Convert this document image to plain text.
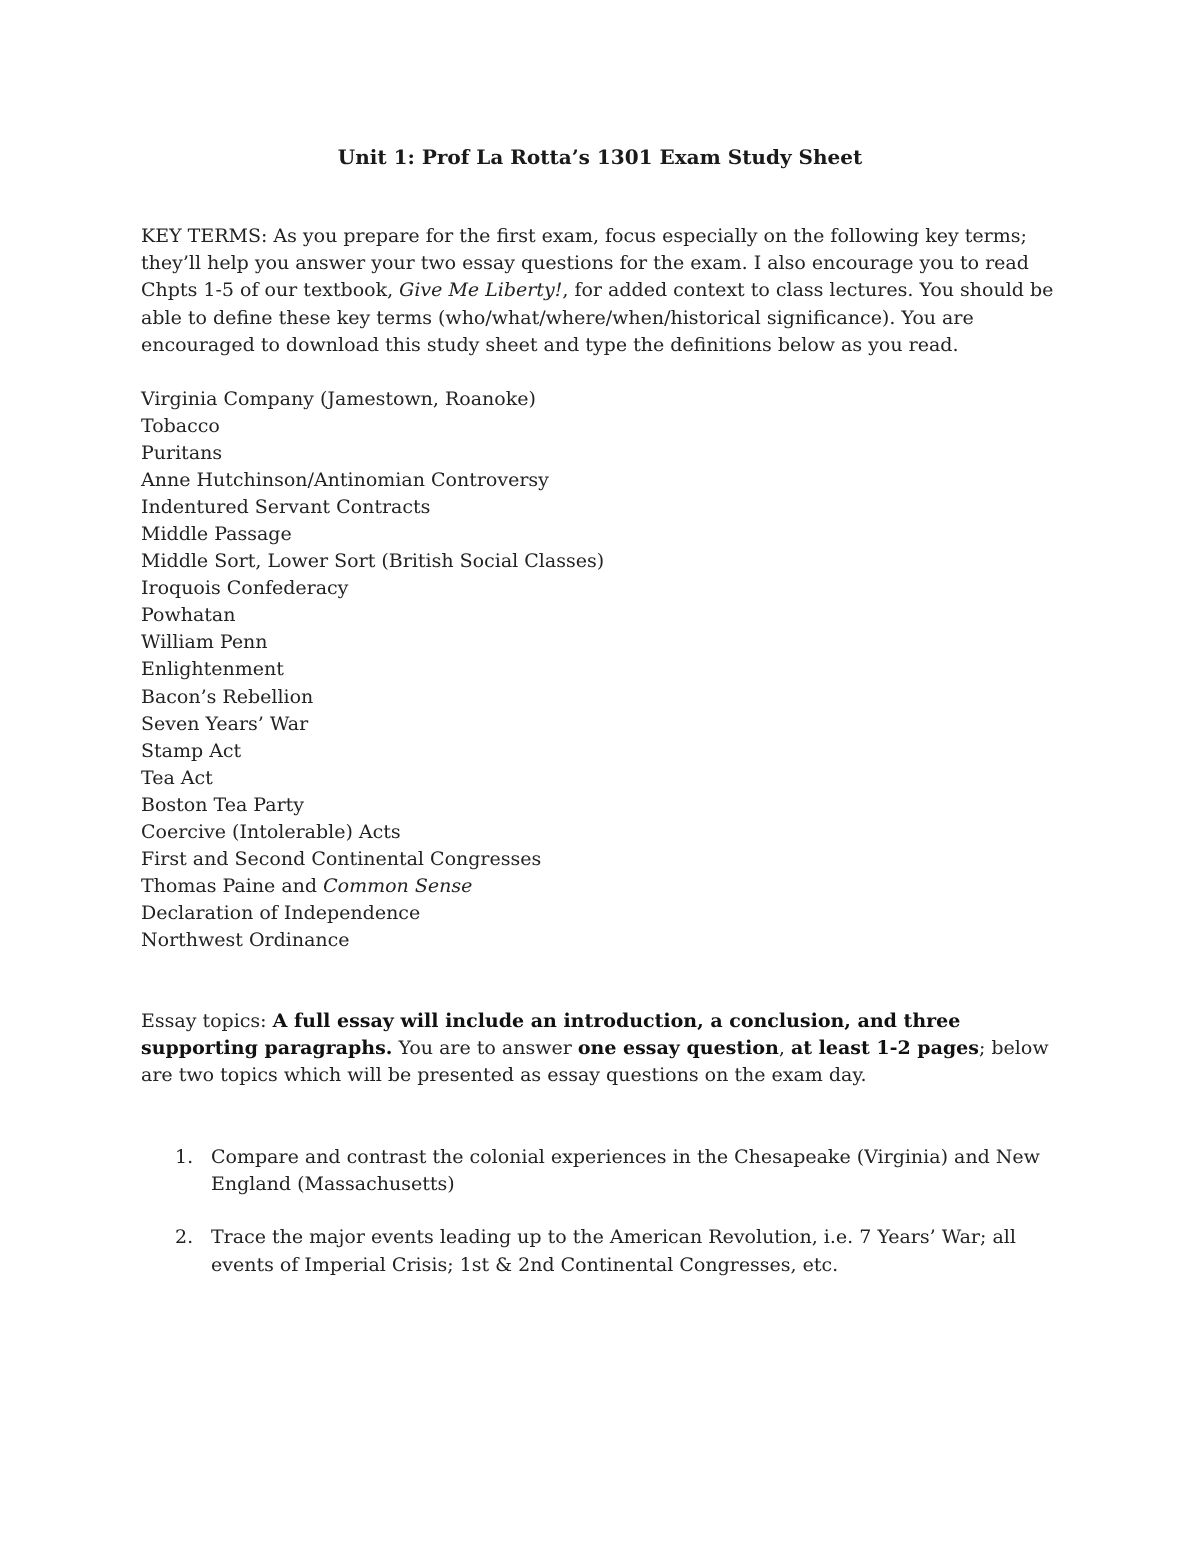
Unit 1: Prof La Rotta’s 1301 Exam Study Sheet

KEY TERMS: As you prepare for the first exam, focus especially on the following key terms; they’ll help you answer your two essay questions for the exam. I also encourage you to read Chpts 1-5 of our textbook, Give Me Liberty!, for added context to class lectures. You should be able to define these key terms (who/what/where/when/historical significance). You are encouraged to download this study sheet and type the definitions below as you read.

Virginia Company (Jamestown, Roanoke)
Tobacco
Puritans
Anne Hutchinson/Antinomian Controversy
Indentured Servant Contracts
Middle Passage
Middle Sort, Lower Sort (British Social Classes)
Iroquois Confederacy
Powhatan
William Penn
Enlightenment
Bacon’s Rebellion
Seven Years’ War
Stamp Act
Tea Act
Boston Tea Party
Coercive (Intolerable) Acts
First and Second Continental Congresses
Thomas Paine and Common Sense
Declaration of Independence
Northwest Ordinance

Essay topics: A full essay will include an introduction, a conclusion, and three supporting paragraphs. You are to answer one essay question, at least 1-2 pages; below are two topics which will be presented as essay questions on the exam day.

1. Compare and contrast the colonial experiences in the Chesapeake (Virginia) and New England (Massachusetts)
2. Trace the major events leading up to the American Revolution, i.e. 7 Years’ War; all events of Imperial Crisis; 1st & 2nd Continental Congresses, etc.
